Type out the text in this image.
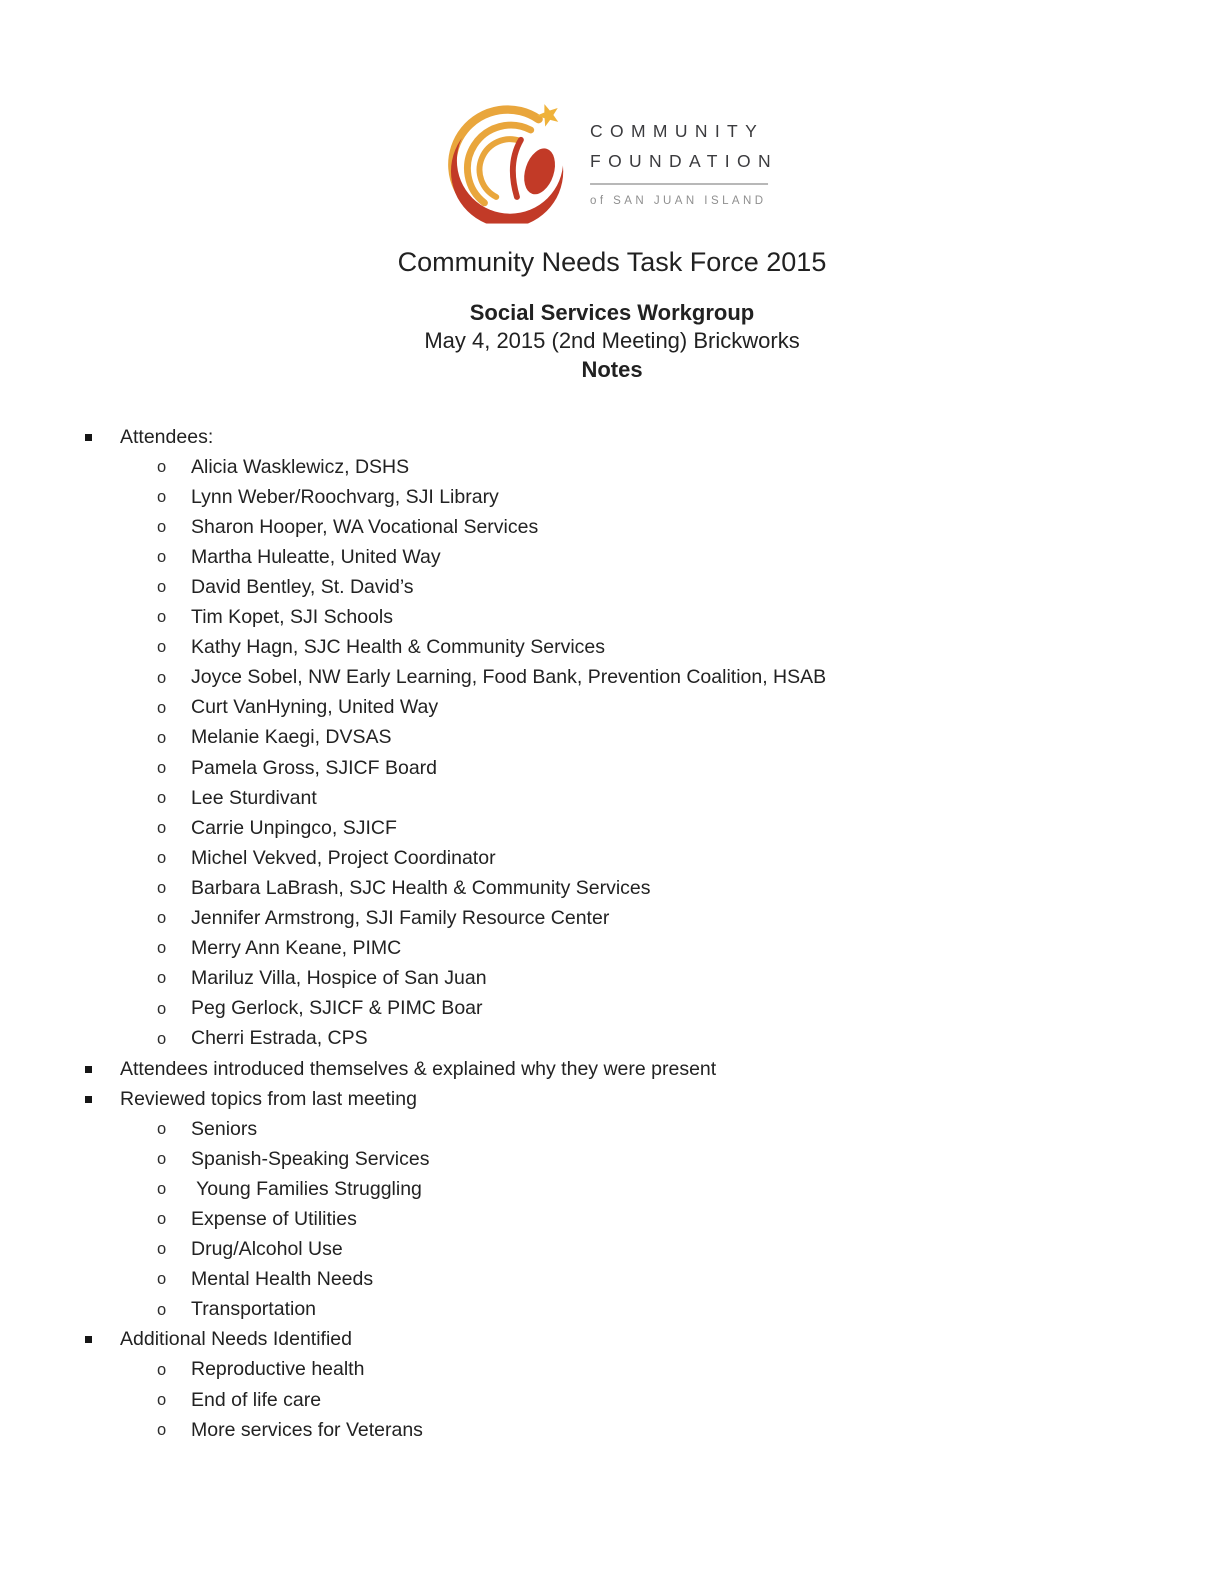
COMMUNITY
FOUNDATION
of SAN JUAN ISLAND
Community Needs Task Force 2015
Social Services Workgroup
May 4, 2015 (2nd Meeting) Brickworks
Notes
Attendees:
o	Alicia Wasklewicz, DSHS
o	Lynn Weber/Roochvarg, SJI Library
o	Sharon Hooper, WA Vocational Services
o	Martha Huleatte, United Way
o	David Bentley, St. David’s
o	Tim Kopet, SJI Schools
o	Kathy Hagn, SJC Health & Community Services
o	Joyce Sobel, NW Early Learning, Food Bank, Prevention Coalition, HSAB
o	Curt VanHyning, United Way
o	Melanie Kaegi, DVSAS
o	Pamela Gross, SJICF Board
o	Lee Sturdivant
o	Carrie Unpingco, SJICF
o	Michel Vekved, Project Coordinator
o	Barbara LaBrash, SJC Health & Community Services
o	Jennifer Armstrong, SJI Family Resource Center
o	Merry Ann Keane, PIMC
o	Mariluz Villa, Hospice of San Juan
o	Peg Gerlock, SJICF & PIMC Boar
o	Cherri Estrada, CPS
Attendees introduced themselves & explained why they were present
Reviewed topics from last meeting
o	Seniors
o	Spanish-Speaking Services
o	Young Families Struggling
o	Expense of Utilities
o	Drug/Alcohol Use
o	Mental Health Needs
o	Transportation
Additional Needs Identified
o	Reproductive health
o	End of life care
o	More services for Veterans
